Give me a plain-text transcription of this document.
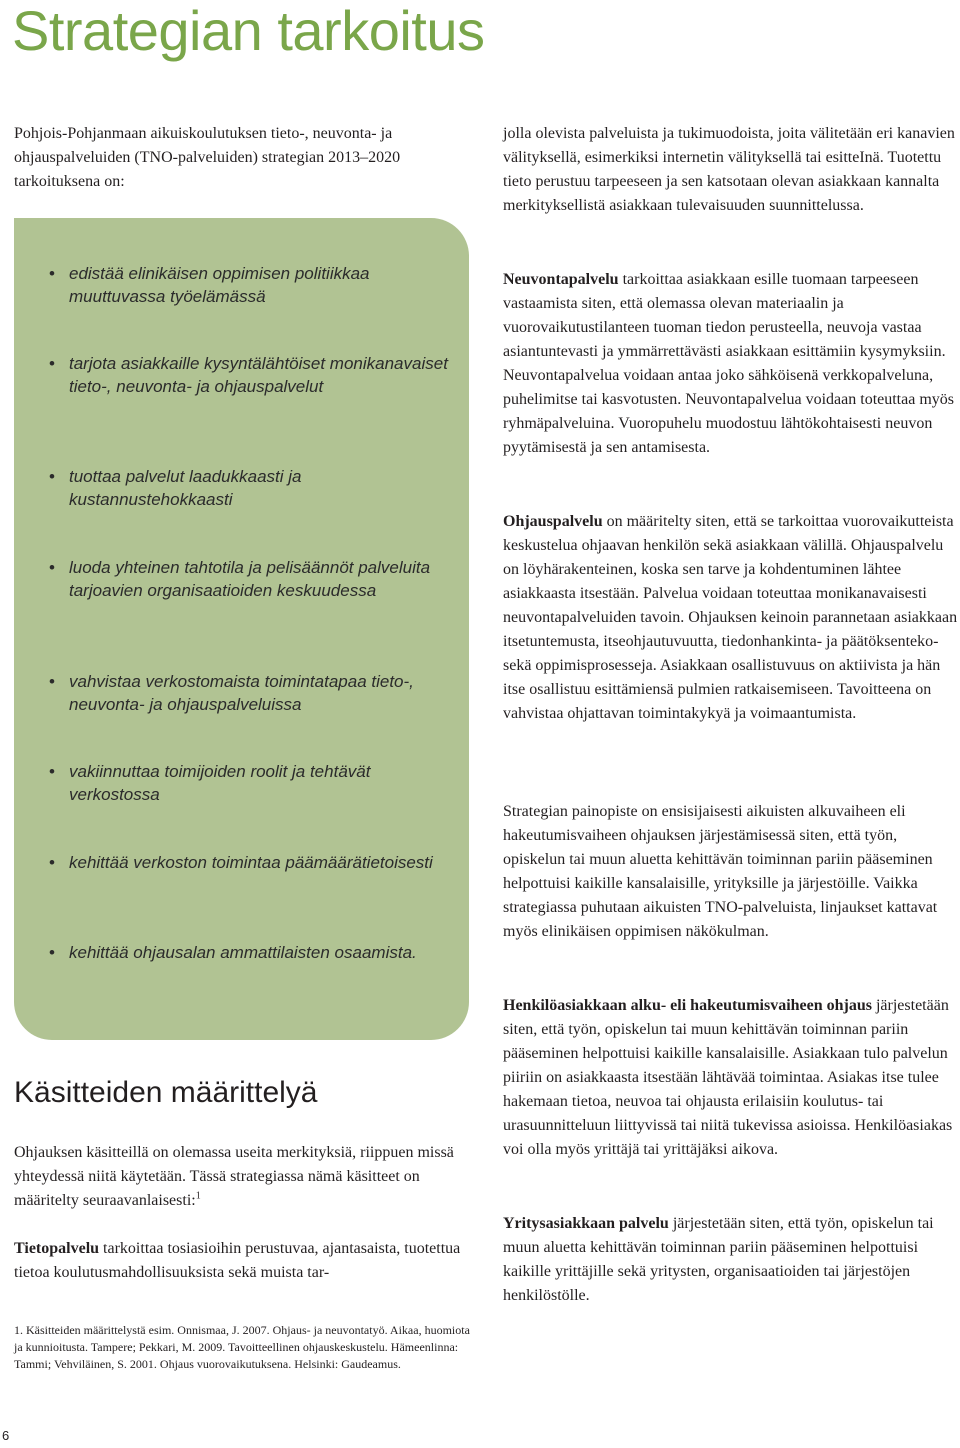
Strategian tarkoitus

Pohjois-Pohjanmaan aikuiskoulutuksen tieto-, neuvonta- ja ohjauspalveluiden (TNO-palveluiden) strategian 2013–2020 tarkoituksena on:

• edistää elinikäisen oppimisen politiikkaa muuttuvassa työelämässä
• tarjota asiakkaille kysyntälähtöiset monikanavaiset tieto-, neuvonta- ja ohjauspalvelut
• tuottaa palvelut laadukkaasti ja kustannustehokkaasti
• luoda yhteinen tahtotila ja pelisäännöt palveluita tarjoavien organisaatioiden keskuudessa
• vahvistaa verkostomaista toimintatapaa tieto-, neuvonta- ja ohjauspalveluissa
• vakiinnuttaa toimijoiden roolit ja tehtävät verkostossa
• kehittää verkoston toimintaa päämäärätietoisesti
• kehittää ohjausalan ammattilaisten osaamista.
Käsitteiden määrittelyä

Ohjauksen käsitteillä on olemassa useita merkityksiä, riippuen missä yhteydessä niitä käytetään. Tässä strategiassa nämä käsitteet on määritelty seuraavanlaisesti:$^1$

Tietopalvelu tarkoittaa tosiasioihin perustuvaa, ajantasaista, tuotettua tietoa koulutusmahdollisuuksista sekä muista tar-

1. Käsitteiden määrittelystä esim. Onnismaa, J. 2007. Ohjaus- ja neuvontatyö. Aikaa, huomiota ja kunnioitusta. Tampere; Pekkari, M. 2009. Tavoitteellinen ohjauskeskustelu. Hämeenlinna: Tammi; Vehviläinen, S. 2001. Ohjaus vuorovaikutuksena. Helsinki: Gaudeamus.

6

jolla olevista palveluista ja tukimuodoista, joita välitetään eri kanavien välityksellä, esimerkiksi internetin välityksellä tai esitteInä. Tuotettu tieto perustuu tarpeeseen ja sen katsotaan olevan asiakkaan kannalta merkityksellistä asiakkaan tulevaisuuden suunnittelussa.

Neuvontapalvelu tarkoittaa asiakkaan esille tuomaan tarpeeseen vastaamista siten, että olemassa olevan materiaalin ja vuorovaikutustilanteen tuoman tiedon perusteella, neuvoja vastaa asiantuntevasti ja ymmärrettävästi asiakkaan esittämiin kysymyksiin. Neuvontapalvelua voidaan antaa joko sähköisenä verkkopalveluna, puhelimitse tai kasvotusten. Neuvontapalvelua voidaan toteuttaa myös ryhmäpalveluina. Vuoropuhelu muodostuu lähtökohtaisesti neuvon pyytämisestä ja sen antamisesta.

Ohjauspalvelu on määritelty siten, että se tarkoittaa vuorovaikutteista keskustelua ohjaavan henkilön sekä asiakkaan välillä. Ohjauspalvelu on löyhärakenteinen, koska sen tarve ja kohdentuminen lähtee asiakkaasta itsestään. Palvelua voidaan toteuttaa monikanavaisesti neuvontapalveluiden tavoin. Ohjauksen keinoin parannetaan asiakkaan itsetuntemusta, itseohjautuvuutta, tiedonhankinta- ja päätöksenteko- sekä oppimisprosesseja. Asiakkaan osallistuvuus on aktiivista ja hän itse osallistuu esittämiensä pulmien ratkaisemiseen. Tavoitteena on vahvistaa ohjattavan toimintakykyä ja voimaantumista.

Strategian painopiste on ensisijaisesti aikuisten alkuvaiheen eli hakeutumisvaiheen ohjauksen järjestämisessä siten, että työn, opiskelun tai muun aluetta kehittävän toiminnan pariin pääseminen helpottuisi kaikille kansalaisille, yrityksille ja järjestöille. Vaikka strategiassa puhutaan aikuisten TNO-palveluista, linjaukset kattavat myös elinikäisen oppimisen näkökulman.

Henkilöasiakkaan alku- eli hakeutumisvaiheen ohjaus järjestetään siten, että työn, opiskelun tai muun kehittävän toiminnan pariin pääseminen helpottuisi kaikille kansalaisille. Asiakkaan tulo palvelun piiriin on asiakkaasta itsestään lähtävää toimintaa. Asiakas itse tulee hakemaan tietoa, neuvoa tai ohjausta erilaisiin koulutus- tai urasuunnitteluun liittyvissä tai niitä tukevissa asioissa. Henkilöasiakas voi olla myös yrittäjä tai yrittäjäksi aikova.

Yritysasiakkaan palvelu järjestetään siten, että työn, opiskelun tai muun aluetta kehittävän toiminnan pariin pääseminen helpottuisi kaikille yrittäjille sekä yritysten, organisaatioiden tai järjestöjen henkilöstölle.
